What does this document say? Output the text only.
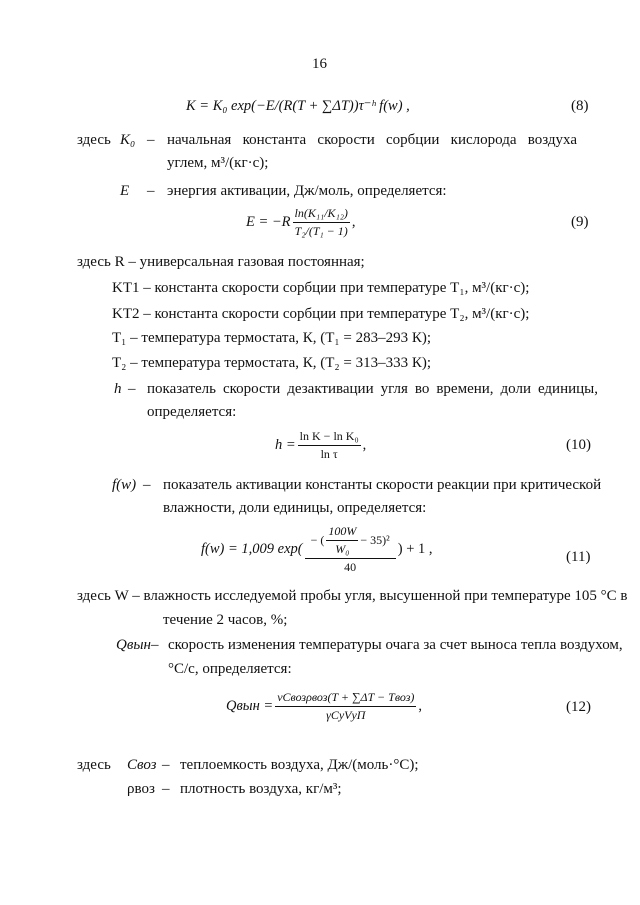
16
K = K₀ exp(−E/(R(T + ∑ΔT))τ⁻ʰ f(w) ,	(8)
здесь K₀ – начальная константа скорости сорбции кислорода воздуха
углем, м³/(кг·с);
E – энергия активации, Дж/моль, определяется:
$E = -R \frac{\text{ln(K₁₁/K₁₂)}}{\text{T₂/(T₁ − 1)}}$ ,	(9)
здесь R – универсальная газовая постоянная;
KT1 – константа скорости сорбции при температуре T₁, м³/(кг·с);
KT2 – константа скорости сорбции при температуре T₂, м³/(кг·с);
T₁ – температура термостата, К, (T₁ = 283–293 К);
T₂ – температура термостата, К, (T₂ = 313–333 К);
h – показатель скорости дезактивации угля во времени, доли единицы,
определяется:
$h = \frac{\text{ln K − ln K₀}}{\text{ln τ}}$ ,	(10)
f(w) – показатель активации константы скорости реакции при критической
влажности, доли единицы, определяется:
f(w) = 1,009 $\exp( \frac{- ( \frac{100W}{\text{W₀}} - 35)^2}{40}$ ) + 1 ,	(11)
здесь W – влажность исследуемой пробы угля, высушенной при температуре 105 °С в
течение 2 часов, %;
Qвын – скорость изменения температуры очага за счет выноса тепла воздухом,
°С/с, определяется:
Qвын = $\frac{\text{νCвозρвоз(T + ∑ΔT − Tвоз)}}{\text{γCуVуΠ}}$ ,	(12)
здесь Cвоз – теплоемкость воздуха, Дж/(моль·°С);
ρвоз – плотность воздуха, кг/м³;
